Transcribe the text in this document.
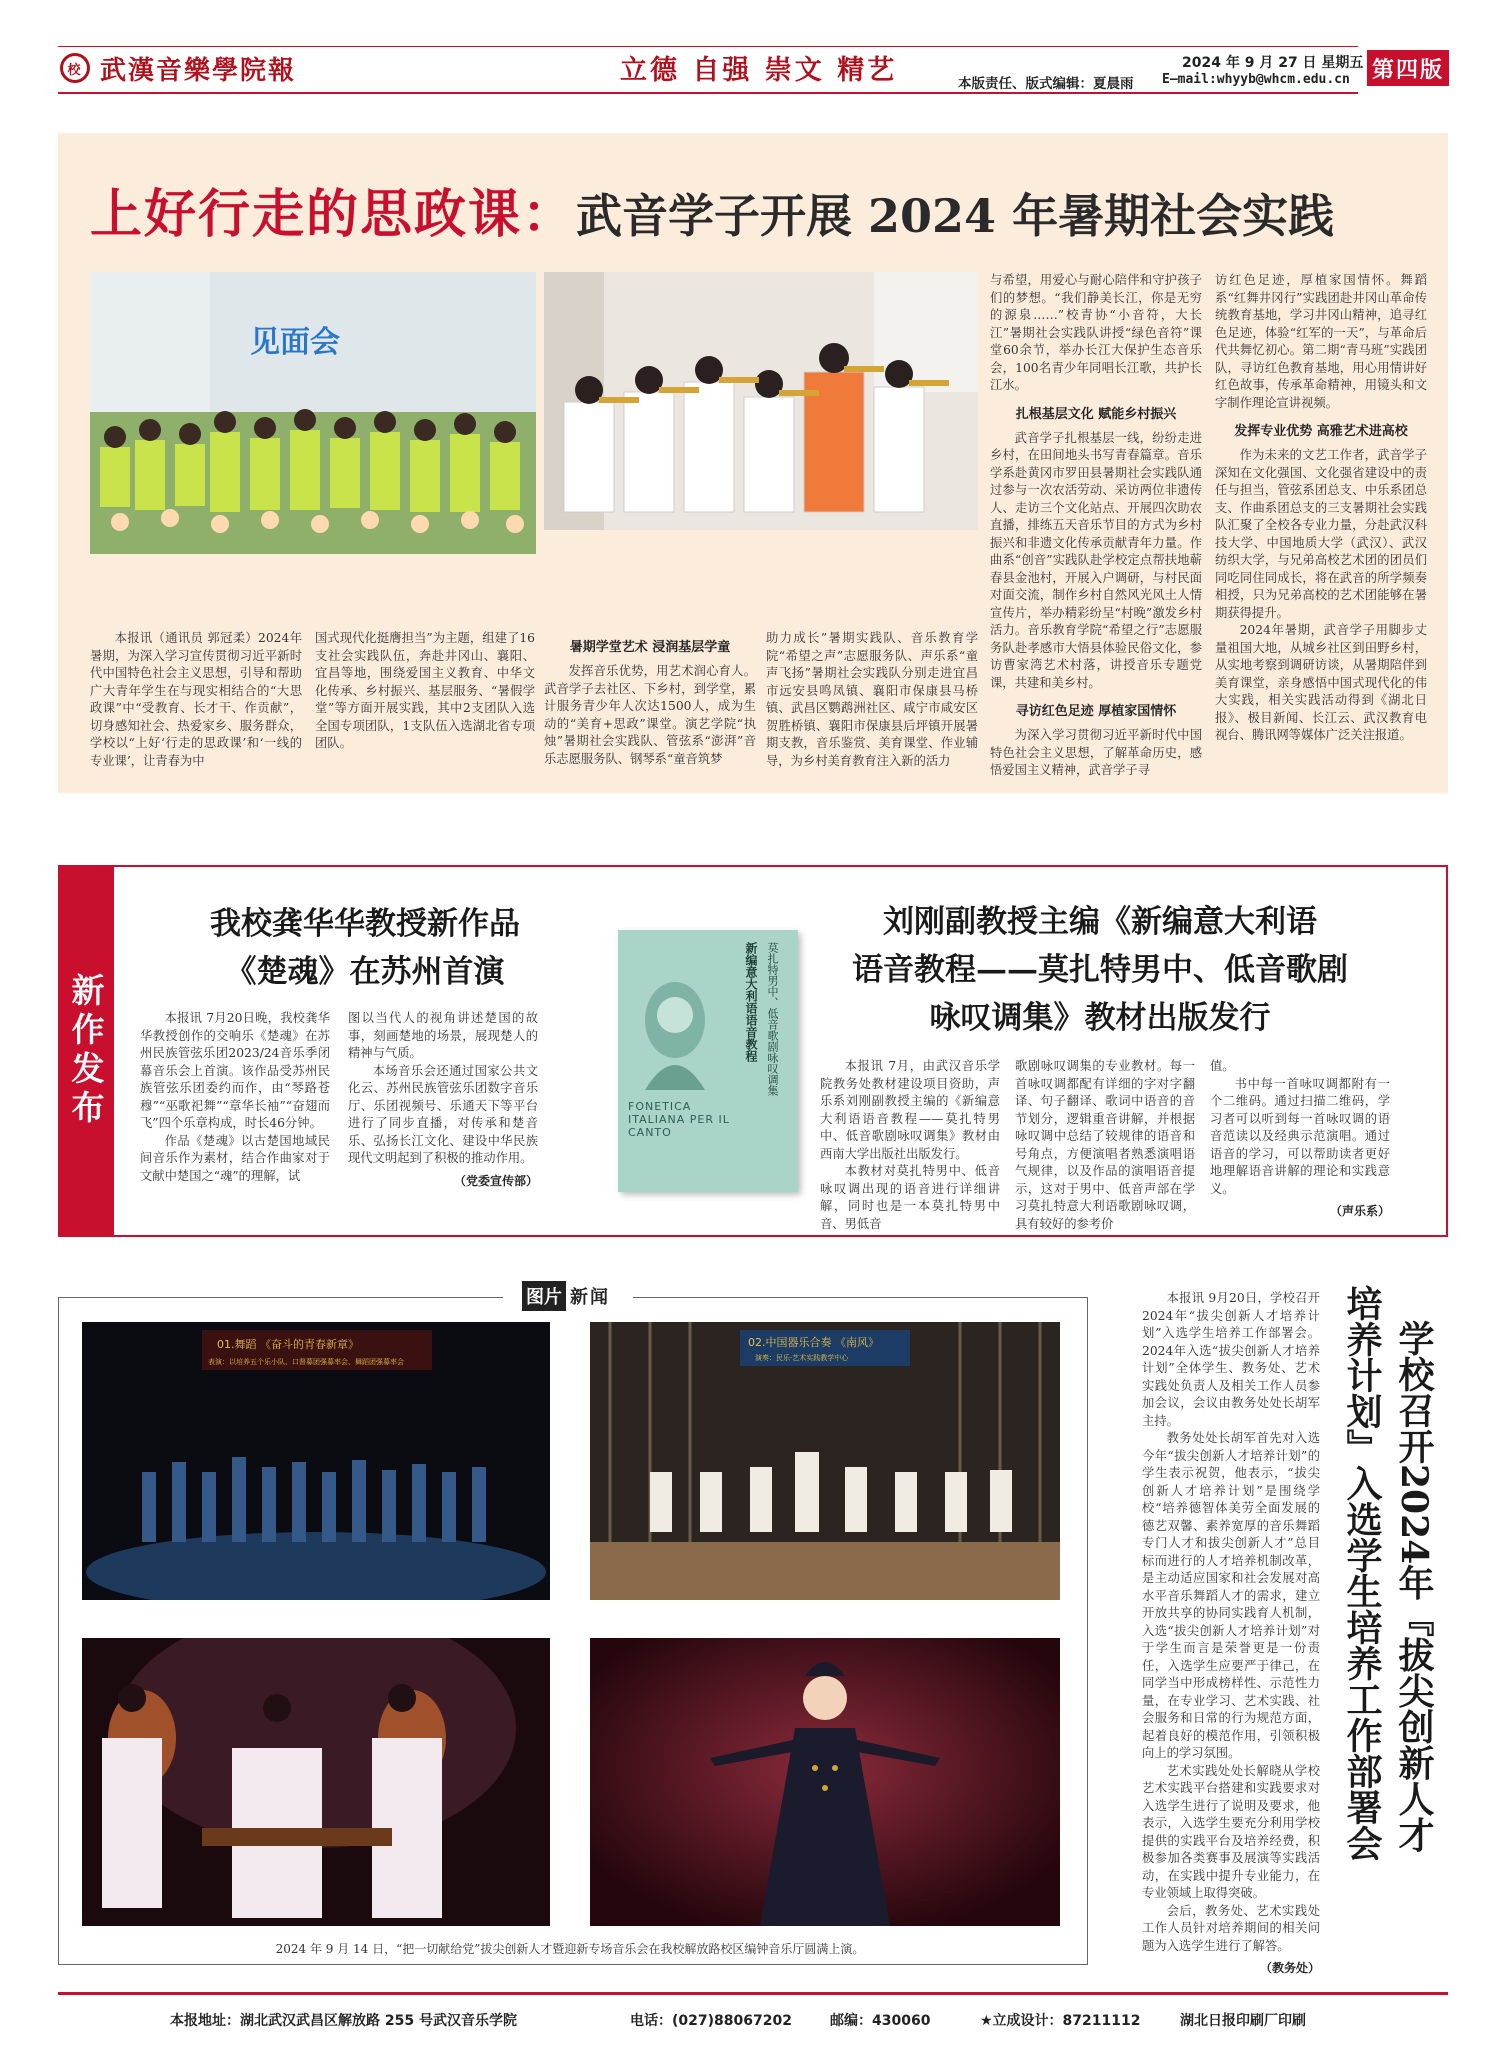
校 武漢音樂學院報	立德 自强 崇文 精艺	2024 年 9 月 27 日 星期五
本版责任、版式编辑：夏晨雨 E–mail:whyyb@whcm.edu.cn 第四版
上好行走的思政课：武音学子开展 2024 年暑期社会实践
见面会

本报讯（通讯员 郭冠柔）2024年暑期，为深入学习宣传贯彻习近平新时代中国特色社会主义思想，引导和帮助广大青年学生在与现实相结合的“大思政课”中“受教育、长才干、作贡献”，切身感知社会、热爱家乡、服务群众，学校以“上好‘行走的思政课’和‘一线的专业课’，让青春为中

国式现代化挺膺担当”为主题，组建了16支社会实践队伍，奔赴井冈山、襄阳、宜昌等地，围绕爱国主义教育、中华文化传承、乡村振兴、基层服务、“暑假学堂”等方面开展实践，其中2支团队入选全国专项团队，1支队伍入选湖北省专项团队。

暑期学堂艺术 浸润基层学童

发挥音乐优势，用艺术润心育人。武音学子去社区、下乡村，到学堂，累计服务青少年人次达1500人，成为生动的“美育+思政”课堂。演艺学院“执烛”暑期社会实践队、管弦系“澎湃”音乐志愿服务队、钢琴系“童音筑梦

助力成长”暑期实践队、音乐教育学院“希望之声”志愿服务队、声乐系“童声飞扬”暑期社会实践队分别走进宜昌市远安县鸣凤镇、襄阳市保康县马桥镇、武昌区鹦鹉洲社区、咸宁市咸安区贺胜桥镇、襄阳市保康县后坪镇开展暑期支教，音乐鉴赏、美育课堂、作业辅导，为乡村美育教育注入新的活力

与希望，用爱心与耐心陪伴和守护孩子们的梦想。“我们静美长江，你是无穷的源泉……”校青协“小音符，大长江”暑期社会实践队讲授“绿色音符”课堂60余节，举办长江大保护生态音乐会，100名青少年同唱长江歌，共护长江水。

扎根基层文化 赋能乡村振兴

武音学子扎根基层一线，纷纷走进乡村，在田间地头书写青春篇章。音乐学系赴黄冈市罗田县暑期社会实践队通过参与一次农活劳动、采访两位非遗传人、走访三个文化站点、开展四次助农直播，排练五天音乐节目的方式为乡村振兴和非遗文化传承贡献青年力量。作曲系“创音”实践队赴学校定点帮扶地蕲春县金池村，开展入户调研，与村民面对面交流，制作乡村自然风光风土人情宣传片，举办精彩纷呈“村晚”激发乡村活力。音乐教育学院“希望之行”志愿服务队赴孝感市大悟县体验民俗文化，参访曹家湾艺术村落，讲授音乐专题党课，共建和美乡村。

寻访红色足迹 厚植家国情怀

为深入学习贯彻习近平新时代中国特色社会主义思想，了解革命历史，感悟爱国主义精神，武音学子寻

访红色足迹，厚植家国情怀。舞蹈系“红舞井冈行”实践团赴井冈山革命传统教育基地，学习井冈山精神，追寻红色足迹，体验“红军的一天”，与革命后代共舞忆初心。第二期“青马班”实践团队，寻访红色教育基地，用心用情讲好红色故事，传承革命精神，用镜头和文字制作理论宣讲视频。

发挥专业优势 高雅艺术进高校

作为未来的文艺工作者，武音学子深知在文化强国、文化强省建设中的责任与担当，管弦系团总支、中乐系团总支、作曲系团总支的三支暑期社会实践队汇聚了全校各专业力量，分赴武汉科技大学、中国地质大学（武汉）、武汉纺织大学，与兄弟高校艺术团的团员们同吃同住同成长，将在武音的所学频奏相授，只为兄弟高校的艺术团能够在暑期获得提升。

2024年暑期，武音学子用脚步丈量祖国大地，从城乡社区到田野乡村，从实地考察到调研访谈，从暑期陪伴到美育课堂，亲身感悟中国式现代化的伟大实践，相关实践活动得到《湖北日报》、极目新闻、长江云、武汉教育电视台、腾讯网等媒体广泛关注报道。

新作发布
我校龚华华教授新作品
《楚魂》在苏州首演

本报讯 7月20日晚，我校龚华华教授创作的交响乐《楚魂》在苏州民族管弦乐团2023/24音乐季闭幕音乐会上首演。该作品受苏州民族管弦乐团委约而作，由“琴路苍穆”“巫歌祀舞”“章华长袖”“奋翅而飞”四个乐章构成，时长46分钟。

作品《楚魂》以古楚国地域民间音乐作为素材，结合作曲家对于文献中楚国之“魂”的理解，试

图以当代人的视角讲述楚国的故事，刻画楚地的场景，展现楚人的精神与气质。

本场音乐会还通过国家公共文化云、苏州民族管弦乐团数字音乐厅、乐团视频号、乐通天下等平台进行了同步直播，对传承和楚音乐、弘扬长江文化、建设中华民族现代文明起到了积极的推动作用。

（党委宣传部）
新编意大利语语音教程 莫扎特男中、低音歌剧咏叹调集
FONETICA ITALIANA PER IL CANTO
刘刚副教授主编《新编意大利语
语音教程——莫扎特男中、低音歌剧
咏叹调集》教材出版发行

本报讯 7月，由武汉音乐学院教务处教材建设项目资助，声乐系刘刚副教授主编的《新编意大利语语音教程——莫扎特男中、低音歌剧咏叹调集》教材由西南大学出版社出版发行。

本教材对莫扎特男中、低音咏叹调出现的语音进行详细讲解，同时也是一本莫扎特男中音、男低音

歌剧咏叹调集的专业教材。每一首咏叹调都配有详细的字对字翻译、句子翻译、歌词中语音的音节划分，逻辑重音讲解，并根据咏叹调中总结了较规律的语音和号角点，方便演唱者熟悉演唱语气规律，以及作品的演唱语音提示，这对于男中、低音声部在学习莫扎特意大利语歌剧咏叹调，具有较好的参考价

值。

书中每一首咏叹调都附有一个二维码。通过扫描二维码，学习者可以听到每一首咏叹调的语音范读以及经典示范演唱。通过语音的学习，可以帮助读者更好地理解语音讲解的理论和实践意义。

（声乐系）
图片 新闻
01.舞蹈 《奋斗的青春新章》
表演：以培养五个乐小队、口督募团强募率会、舞蹈团强募率会
02.中国器乐合奏 《南风》
演奏：民乐·艺术实践教学中心
2024 年 9 月 14 日，“把一切献给党”拔尖创新人才暨迎新专场音乐会在我校解放路校区编钟音乐厅圆满上演。

本报讯 9月20日，学校召开2024年“拔尖创新人才培养计划”入选学生培养工作部署会。2024年入选“拔尖创新人才培养计划”全体学生、教务处、艺术实践处负责人及相关工作人员参加会议，会议由教务处处长胡军主持。

教务处处长胡军首先对入选今年“拔尖创新人才培养计划”的学生表示祝贺，他表示，“拔尖创新人才培养计划”是围绕学校“培养德智体美劳全面发展的德艺双馨、素养宽厚的音乐舞蹈专门人才和拔尖创新人才”总目标而进行的人才培养机制改革，是主动适应国家和社会发展对高水平音乐舞蹈人才的需求，建立开放共享的协同实践育人机制，入选“拔尖创新人才培养计划”对于学生而言是荣誉更是一份责任，入选学生应要严于律己，在同学当中形成榜样性、示范性力量，在专业学习、艺术实践、社会服务和日常的行为规范方面，起着良好的模范作用，引领积极向上的学习氛围。

艺术实践处处长解晓从学校艺术实践平台搭建和实践要求对入选学生进行了说明及要求，他表示，入选学生要充分利用学校提供的实践平台及培养经费，积极参加各类赛事及展演等实践活动，在实践中提升专业能力，在专业领域上取得突破。

会后，教务处、艺术实践处工作人员针对培养期间的相关问题为入选学生进行了解答。

（教务处）
学校召开2024年『拔尖创新人才
培养计划』入选学生培养工作部署会
本报地址：湖北武汉武昌区解放路 255 号武汉音乐学院	电话：(027)88067202	邮编：430060	★立成设计：87211112	湖北日报印刷厂印刷
